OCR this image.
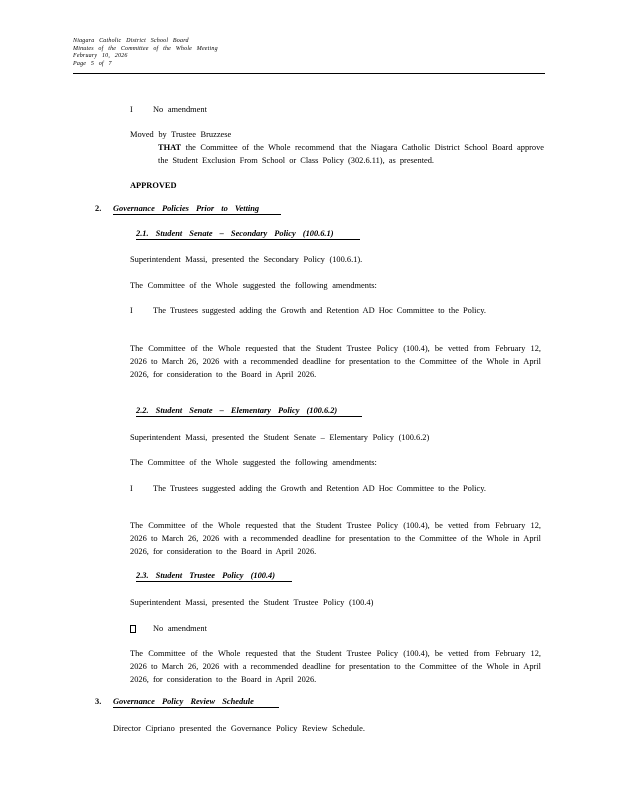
Niagara Catholic District School Board
Minutes of the Committee of the Whole Meeting
February 10, 2026
Page 5 of 7
I No amendment
Moved by Trustee Bruzzese
THAT the Committee of the Whole recommend that the Niagara Catholic District School Board approve the Student Exclusion From School or Class Policy (302.6.11), as presented.
APPROVED
2. Governance Policies Prior to Vetting
2.1. Student Senate – Secondary Policy (100.6.1)
Superintendent Massi, presented the Secondary Policy (100.6.1).
The Committee of the Whole suggested the following amendments:
I The Trustees suggested adding the Growth and Retention AD Hoc Committee to the Policy.
The Committee of the Whole requested that the Student Trustee Policy (100.4), be vetted from February 12, 2026 to March 26, 2026 with a recommended deadline for presentation to the Committee of the Whole in April 2026, for consideration to the Board in April 2026.
2.2. Student Senate – Elementary Policy (100.6.2)
Superintendent Massi, presented the Student Senate – Elementary Policy (100.6.2)
The Committee of the Whole suggested the following amendments:
I The Trustees suggested adding the Growth and Retention AD Hoc Committee to the Policy.
The Committee of the Whole requested that the Student Trustee Policy (100.4), be vetted from February 12, 2026 to March 26, 2026 with a recommended deadline for presentation to the Committee of the Whole in April 2026, for consideration to the Board in April 2026.
2.3. Student Trustee Policy (100.4)
Superintendent Massi, presented the Student Trustee Policy (100.4)
No amendment
The Committee of the Whole requested that the Student Trustee Policy (100.4), be vetted from February 12, 2026 to March 26, 2026 with a recommended deadline for presentation to the Committee of the Whole in April 2026, for consideration to the Board in April 2026.
3. Governance Policy Review Schedule
Director Cipriano presented the Governance Policy Review Schedule.
